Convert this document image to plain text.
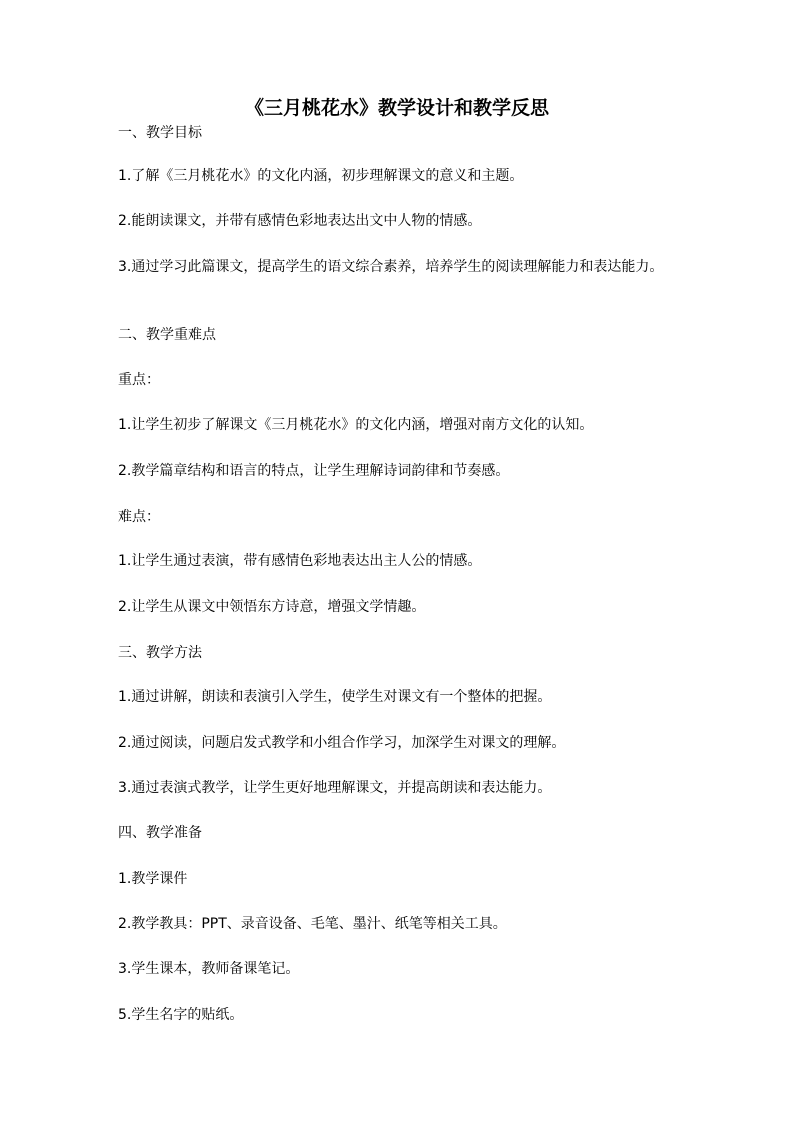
《三月桃花水》教学设计和教学反思
一、教学目标
1.了解《三月桃花水》的文化内涵，初步理解课文的意义和主题。
2.能朗读课文，并带有感情色彩地表达出文中人物的情感。
3.通过学习此篇课文，提高学生的语文综合素养，培养学生的阅读理解能力和表达能力。
二、教学重难点
重点：
1.让学生初步了解课文《三月桃花水》的文化内涵，增强对南方文化的认知。
2.教学篇章结构和语言的特点，让学生理解诗词韵律和节奏感。
难点：
1.让学生通过表演，带有感情色彩地表达出主人公的情感。
2.让学生从课文中领悟东方诗意，增强文学情趣。
三、教学方法
1.通过讲解，朗读和表演引入学生，使学生对课文有一个整体的把握。
2.通过阅读，问题启发式教学和小组合作学习，加深学生对课文的理解。
3.通过表演式教学，让学生更好地理解课文，并提高朗读和表达能力。
四、教学准备
1.教学课件
2.教学教具：PPT、录音设备、毛笔、墨汁、纸笔等相关工具。
3.学生课本，教师备课笔记。
5.学生名字的贴纸。
